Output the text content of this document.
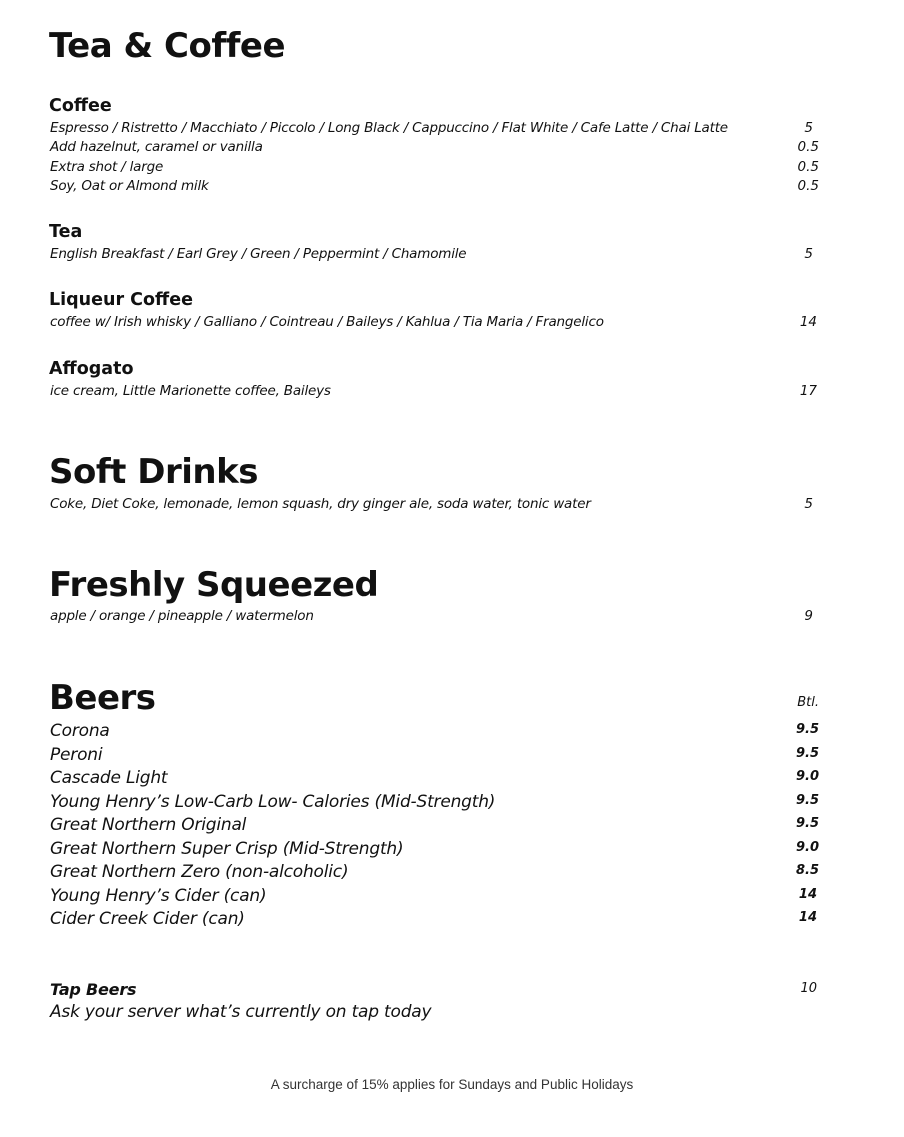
Tea & Coffee
Coffee
Espresso / Ristretto / Macchiato / Piccolo / Long Black / Cappuccino / Flat White / Cafe Latte / Chai Latte	5
Add hazelnut, caramel or vanilla	0.5
Extra shot / large	0.5
Soy, Oat or Almond milk	0.5
Tea
English Breakfast / Earl Grey / Green / Peppermint / Chamomile	5
Liqueur Coffee
coffee w/ Irish whisky / Galliano / Cointreau / Baileys / Kahlua / Tia Maria / Frangelico	14
Affogato
ice cream, Little Marionette coffee, Baileys	17
Soft Drinks
Coke, Diet Coke, lemonade, lemon squash, dry ginger ale, soda water, tonic water	5
Freshly Squeezed
apple / orange / pineapple / watermelon	9
Beers	Btl.
Corona	9.5
Peroni	9.5
Cascade Light	9.0
Young Henry’s Low-Carb Low- Calories (Mid-Strength)	9.5
Great Northern Original	9.5
Great Northern Super Crisp (Mid-Strength)	9.0
Great Northern Zero (non-alcoholic)	8.5
Young Henry’s Cider (can)	14
Cider Creek Cider (can)	14
Tap Beers	10
Ask your server what’s currently on tap today
A surcharge of 15% applies for Sundays and Public Holidays
